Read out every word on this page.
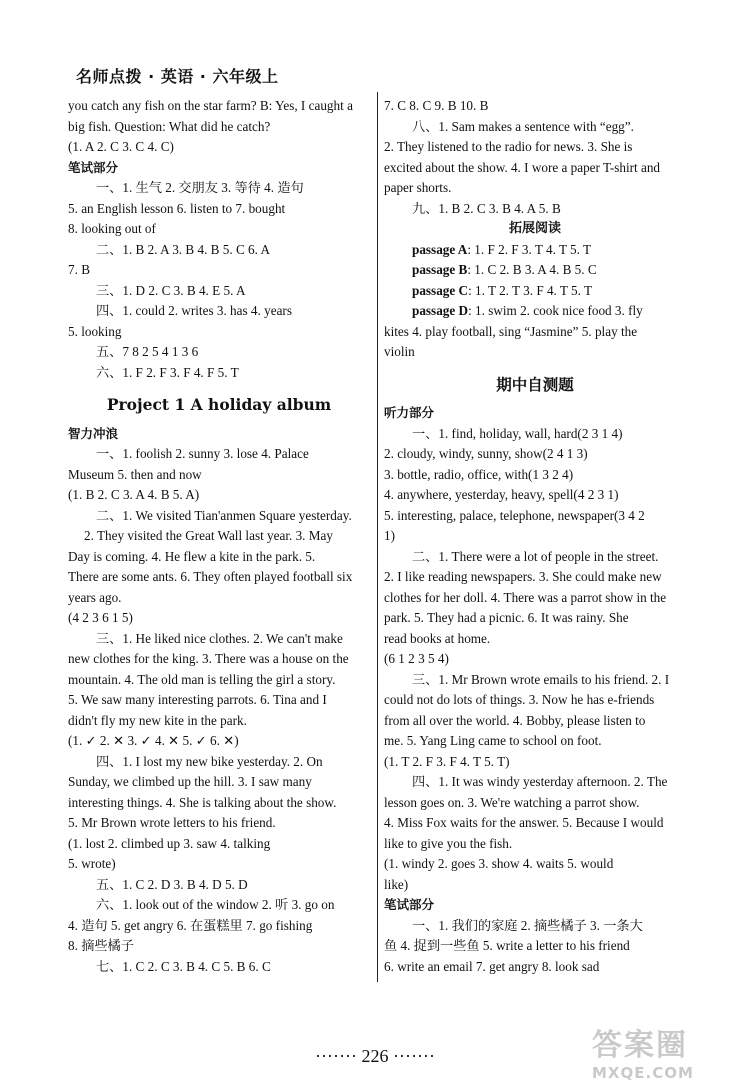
名师点拨 · 英语 · 六年级上
you catch any fish on the star farm? B: Yes, I caught a
big fish. Question: What did he catch?
(1. A 2. C 3. C 4. C)
笔试部分
一、1. 生气 2. 交朋友 3. 等待 4. 造句
5. an English lesson 6. listen to 7. bought
8. looking out of
二、1. B 2. A 3. B 4. B 5. C 6. A
7. B
三、1. D 2. C 3. B 4. E 5. A
四、1. could 2. writes 3. has 4. years
5. looking
五、7 8 2 5 4 1 3 6
六、1. F 2. F 3. F 4. F 5. T
Project 1 A holiday album
智力冲浪
一、1. foolish 2. sunny 3. lose 4. Palace
Museum 5. then and now
(1. B 2. C 3. A 4. B 5. A)
二、1. We visited Tian'anmen Square yesterday.
2. They visited the Great Wall last year. 3. May
Day is coming. 4. He flew a kite in the park. 5.
There are some ants. 6. They often played football six
years ago.
(4 2 3 6 1 5)
三、1. He liked nice clothes. 2. We can't make
new clothes for the king. 3. There was a house on the
mountain. 4. The old man is telling the girl a story.
5. We saw many interesting parrots. 6. Tina and I
didn't fly my new kite in the park.
(1. ✓ 2. ✕ 3. ✓ 4. ✕ 5. ✓ 6. ✕)
四、1. I lost my new bike yesterday. 2. On
Sunday, we climbed up the hill. 3. I saw many
interesting things. 4. She is talking about the show.
5. Mr Brown wrote letters to his friend.
(1. lost 2. climbed up 3. saw 4. talking
5. wrote)
五、1. C 2. D 3. B 4. D 5. D
六、1. look out of the window 2. 听 3. go on
4. 造句 5. get angry 6. 在蛋糕里 7. go fishing
8. 摘些橘子
七、1. C 2. C 3. B 4. C 5. B 6. C
7. C 8. C 9. B 10. B
八、1. Sam makes a sentence with “egg”.
2. They listened to the radio for news. 3. She is
excited about the show. 4. I wore a paper T-shirt and
paper shorts.
九、1. B 2. C 3. B 4. A 5. B
拓展阅读
passage A: 1. F 2. F 3. T 4. T 5. T
passage B: 1. C 2. B 3. A 4. B 5. C
passage C: 1. T 2. T 3. F 4. T 5. T
passage D: 1. swim 2. cook nice food 3. fly
kites 4. play football, sing “Jasmine” 5. play the
violin
期中自测题
听力部分
一、1. find, holiday, wall, hard(2 3 1 4)
2. cloudy, windy, sunny, show(2 4 1 3)
3. bottle, radio, office, with(1 3 2 4)
4. anywhere, yesterday, heavy, spell(4 2 3 1)
5. interesting, palace, telephone, newspaper(3 4 2
1)
二、1. There were a lot of people in the street.
2. I like reading newspapers. 3. She could make new
clothes for her doll. 4. There was a parrot show in the
park. 5. They had a picnic. 6. It was rainy. She
read books at home.
(6 1 2 3 5 4)
三、1. Mr Brown wrote emails to his friend. 2. I
could not do lots of things. 3. Now he has e-friends
from all over the world. 4. Bobby, please listen to
me. 5. Yang Ling came to school on foot.
(1. T 2. F 3. F 4. T 5. T)
四、1. It was windy yesterday afternoon. 2. The
lesson goes on. 3. We're watching a parrot show.
4. Miss Fox waits for the answer. 5. Because I would
like to give you the fish.
(1. windy 2. goes 3. show 4. waits 5. would
like)
笔试部分
一、1. 我们的家庭 2. 摘些橘子 3. 一条大
鱼 4. 捉到一些鱼 5. write a letter to his friend
6. write an email 7. get angry 8. look sad
······· 226 ·······	答案圈
MXQE.COM
